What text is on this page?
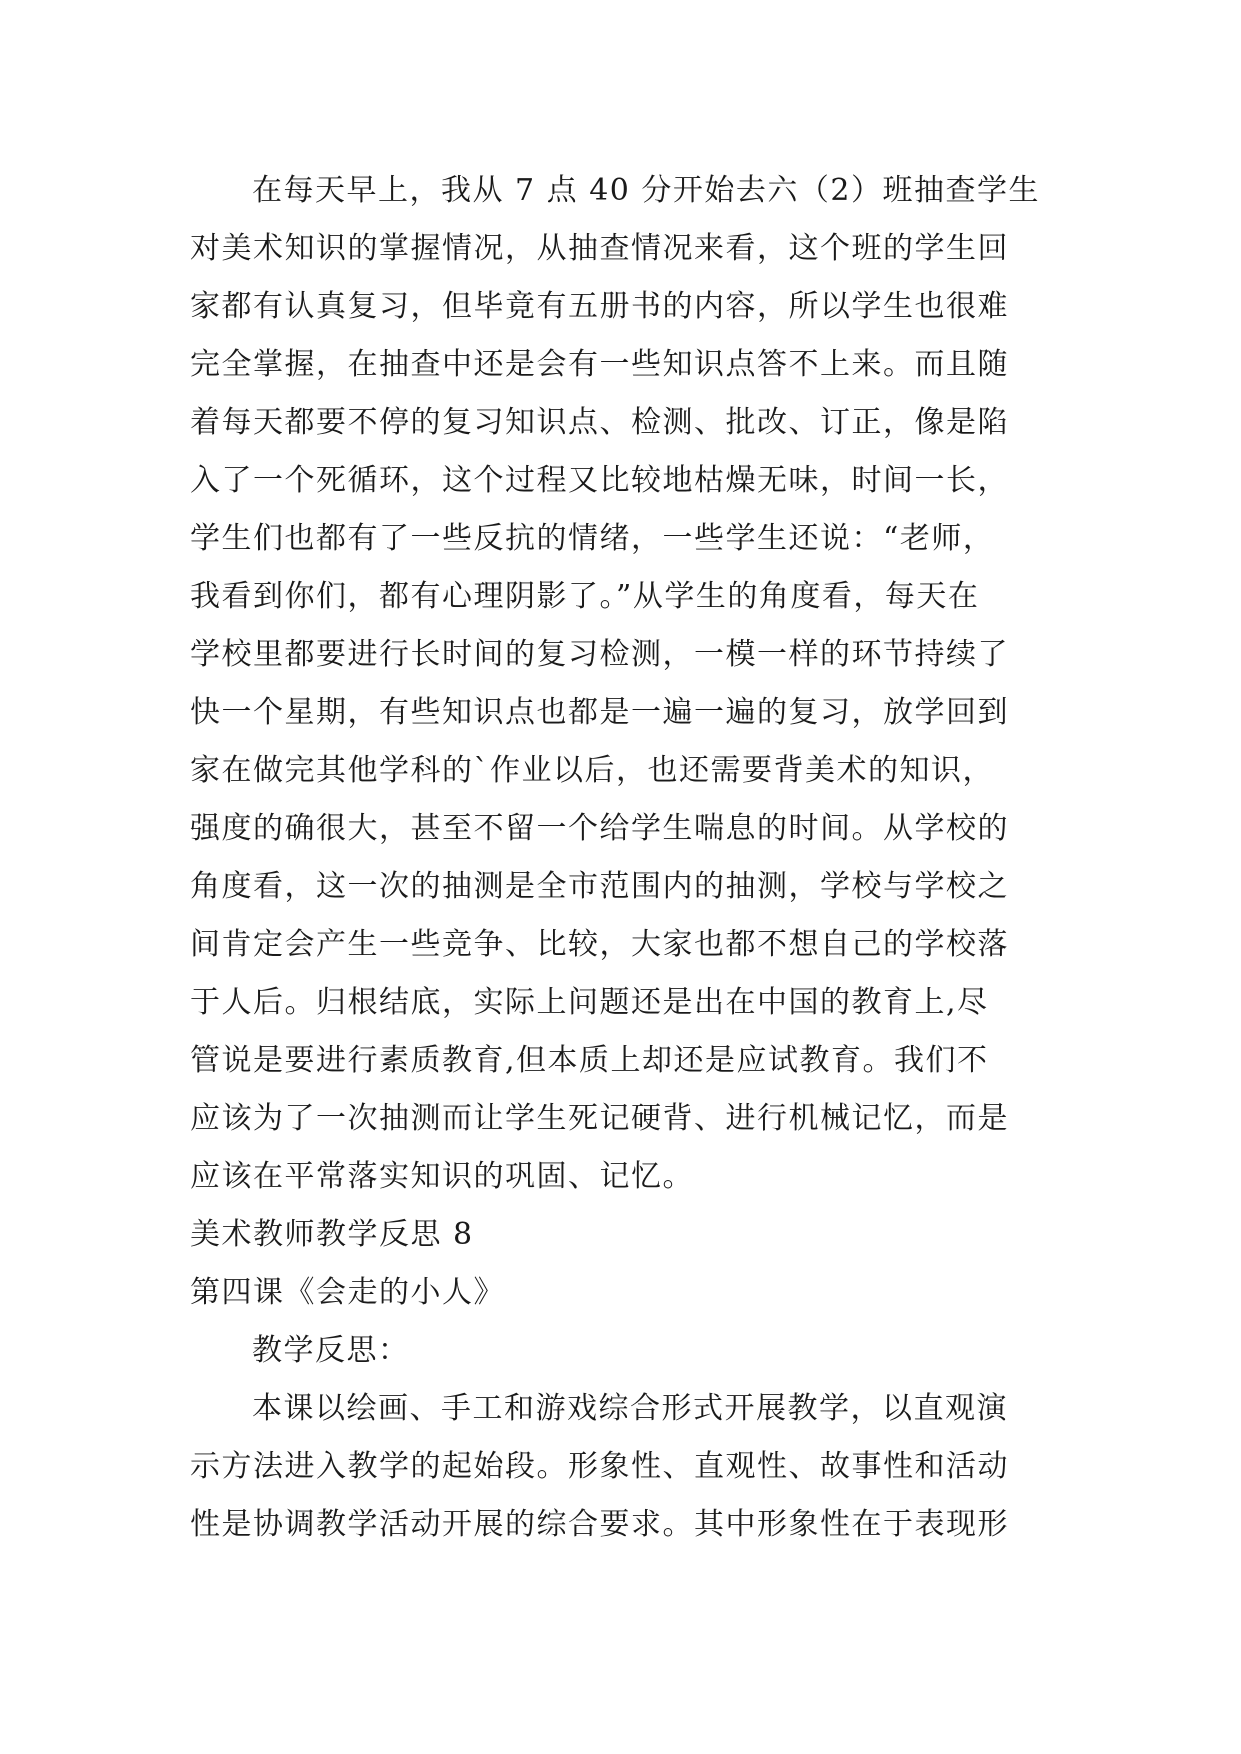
在每天早上，我从 7 点 40 分开始去六（2）班抽查学生
对美术知识的掌握情况，从抽查情况来看，这个班的学生回
家都有认真复习，但毕竟有五册书的内容，所以学生也很难
完全掌握，在抽查中还是会有一些知识点答不上来。而且随
着每天都要不停的复习知识点、检测、批改、订正，像是陷
入了一个死循环，这个过程又比较地枯燥无味，时间一长，
学生们也都有了一些反抗的情绪，一些学生还说：“老师，
我看到你们，都有心理阴影了。”从学生的角度看，每天在
学校里都要进行长时间的复习检测，一模一样的环节持续了
快一个星期，有些知识点也都是一遍一遍的复习，放学回到
家在做完其他学科的`作业以后，也还需要背美术的知识，
强度的确很大，甚至不留一个给学生喘息的时间。从学校的
角度看，这一次的抽测是全市范围内的抽测，学校与学校之
间肯定会产生一些竞争、比较，大家也都不想自己的学校落
于人后。归根结底，实际上问题还是出在中国的教育上,尽
管说是要进行素质教育,但本质上却还是应试教育。我们不
应该为了一次抽测而让学生死记硬背、进行机械记忆，而是
应该在平常落实知识的巩固、记忆。
美术教师教学反思 8
第四课《会走的小人》
教学反思：
本课以绘画、手工和游戏综合形式开展教学，以直观演
示方法进入教学的起始段。形象性、直观性、故事性和活动
性是协调教学活动开展的综合要求。其中形象性在于表现形
